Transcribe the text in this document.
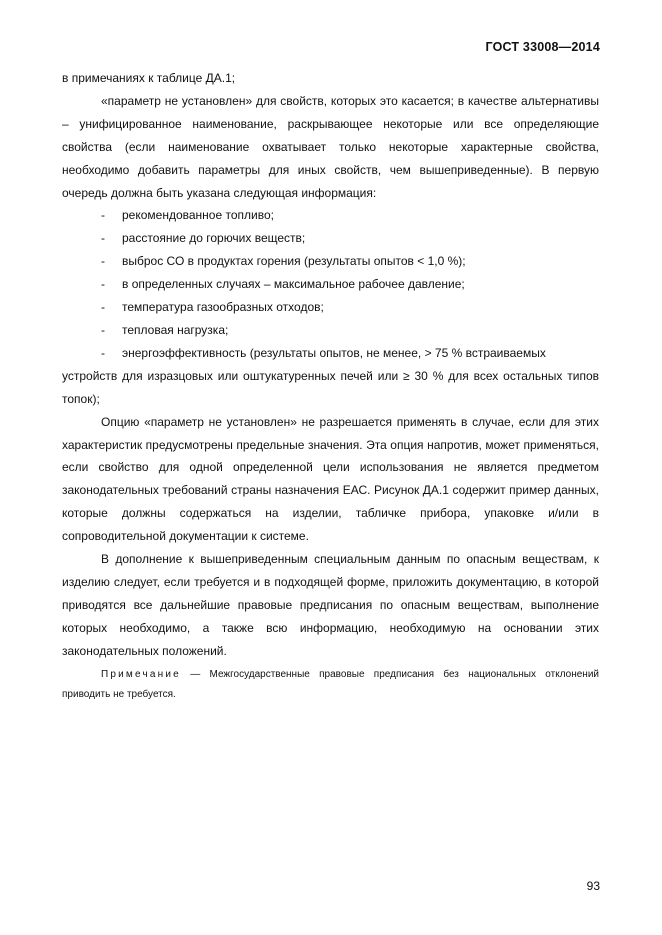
ГОСТ 33008—2014

в примечаниях к таблице ДА.1;

«параметр не установлен» для свойств, которых это касается; в качестве альтернативы – унифицированное наименование, раскрывающее некоторые или все определяющие свойства (если наименование охватывает только некоторые характерные свойства, необходимо добавить параметры для иных свойств, чем вышеприведенные). В первую очередь должна быть указана следующая информация:

-	рекомендованное топливо;
-	расстояние до горючих веществ;
-	выброс СО в продуктах горения (результаты опытов < 1,0 %);
-	в определенных случаях – максимальное рабочее давление;
-	температура газообразных отходов;
-	тепловая нагрузка;
-	энергоэффективность (результаты опытов, не менее, > 75 % встраиваемых

устройств для изразцовых или оштукатуренных печей или ≥ 30 % для всех остальных типов топок);

Опцию «параметр не установлен» не разрешается применять в случае, если для этих характеристик предусмотрены предельные значения. Эта опция напротив, может применяться, если свойство для одной определенной цели использования не является предметом законодательных требований страны назначения ЕАС. Рисунок ДА.1 содержит пример данных, которые должны содержаться на изделии, табличке прибора, упаковке и/или в сопроводительной документации к системе.

В дополнение к вышеприведенным специальным данным по опасным веществам, к изделию следует, если требуется и в подходящей форме, приложить документацию, в которой приводятся все дальнейшие правовые предписания по опасным веществам, выполнение которых необходимо, а также всю информацию, необходимую на основании этих законодательных положений.

Примечание — Межгосударственные правовые предписания без национальных отклонений приводить не требуется.

93
